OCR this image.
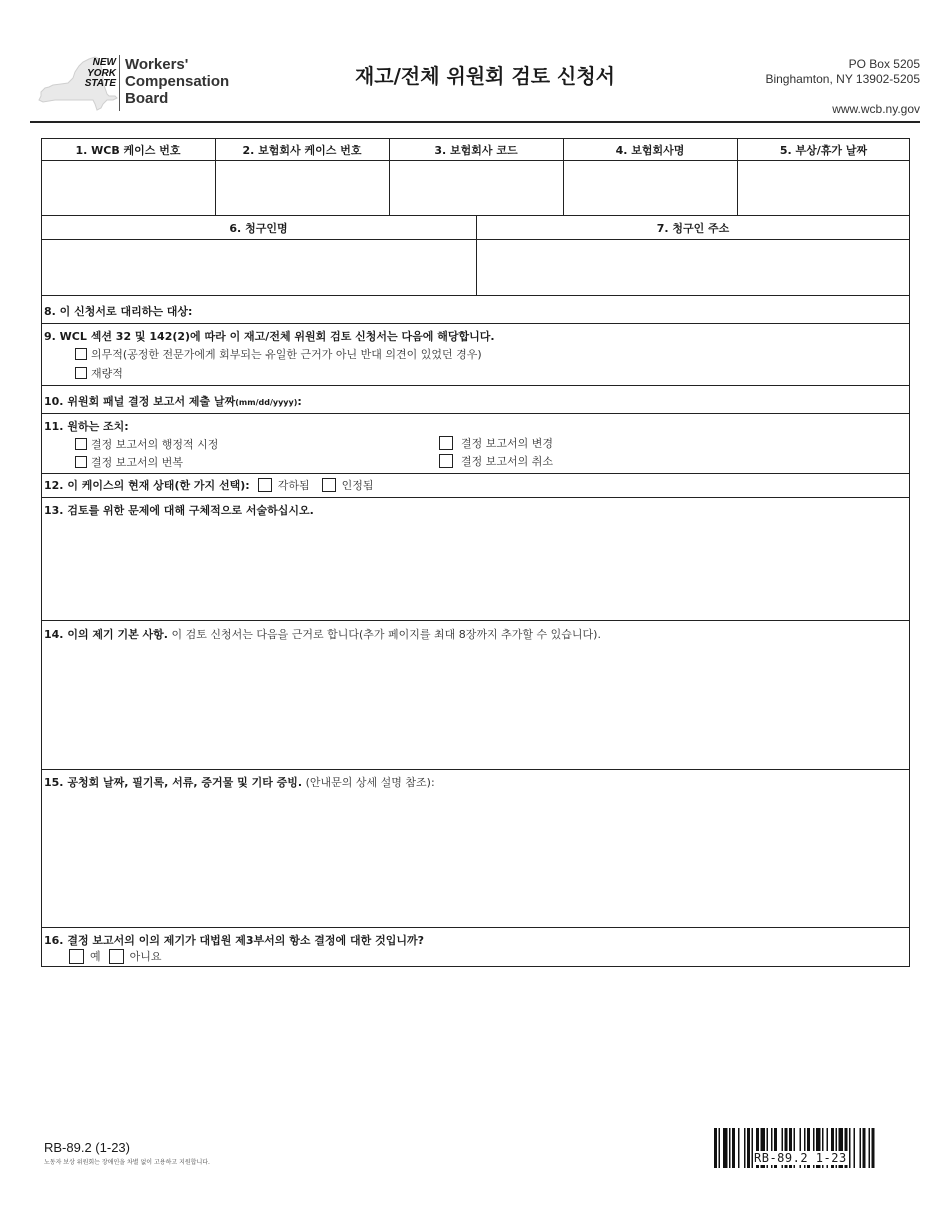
NEW YORK STATE
Workers'
Compensation
Board
재고/전체 위원회 검토 신청서	PO Box 5205
Binghamton, NY 13902-5205
www.wcb.ny.gov
1. WCB 케이스 번호	2. 보험회사 케이스 번호	3. 보험회사 코드	4. 보험회사명	5. 부상/휴가 날짜
6. 청구인명	7. 청구인 주소
8. 이 신청서로 대리하는 대상:
9. WCL 섹션 32 및 142(2)에 따라 이 재고/전체 위원회 검토 신청서는 다음에 해당합니다.
의무적(공정한 전문가에게 회부되는 유일한 근거가 아닌 반대 의견이 있었던 경우)
재량적
10. 위원회 패널 결정 보고서 제출 날짜(mm/dd/yyyy):
11. 원하는 조치:
결정 보고서의 행정적 시정
결정 보고서의 번복
결정 보고서의 변경
결정 보고서의 취소
12. 이 케이스의 현재 상태(한 가지 선택):	각하됨	인정됨
13. 검토를 위한 문제에 대해 구체적으로 서술하십시오.
14. 이의 제기 기본 사항. 이 검토 신청서는 다음을 근거로 합니다(추가 페이지를 최대 8장까지 추가할 수 있습니다).
15. 공청회 날짜, 필기록, 서류, 증거물 및 기타 증빙. (안내문의 상세 설명 참조):
16. 결정 보고서의 이의 제기가 대법원 제3부서의 항소 결정에 대한 것입니까?
예	아니요
RB-89.2 (1-23)
노동자 보상 위원회는 장애인을 차별 없이 고용하고 지원합니다.	RB-89.2 1-23
